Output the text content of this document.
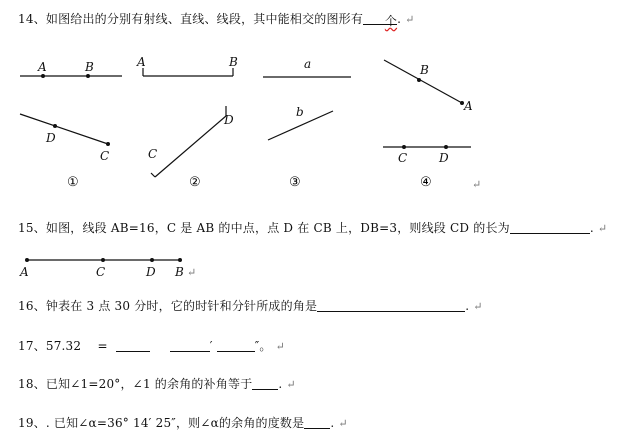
14、如图给出的分别有射线、直线、线段，其中能相交的图形有 个. ↵
A	B
D
C
①
A	B
D
C
②
a
b
③
B
A
C	D
④	↵
15、如图，线段 AB=16，C 是 AB 的中点，点 D 在 CB 上，DB=3，则线段 CD 的长为	. ↵
A	C	D B ↵
16、钟表在 3 点 30 分时，它的时针和分针所成的角是	. ↵
17、57.32　 =	′	″。 ↵
18、已知∠1=20°，∠1 的余角的补角等于 . ↵
19、. 已知∠α=36° 14′ 25″，则∠α的余角的度数是 . ↵
